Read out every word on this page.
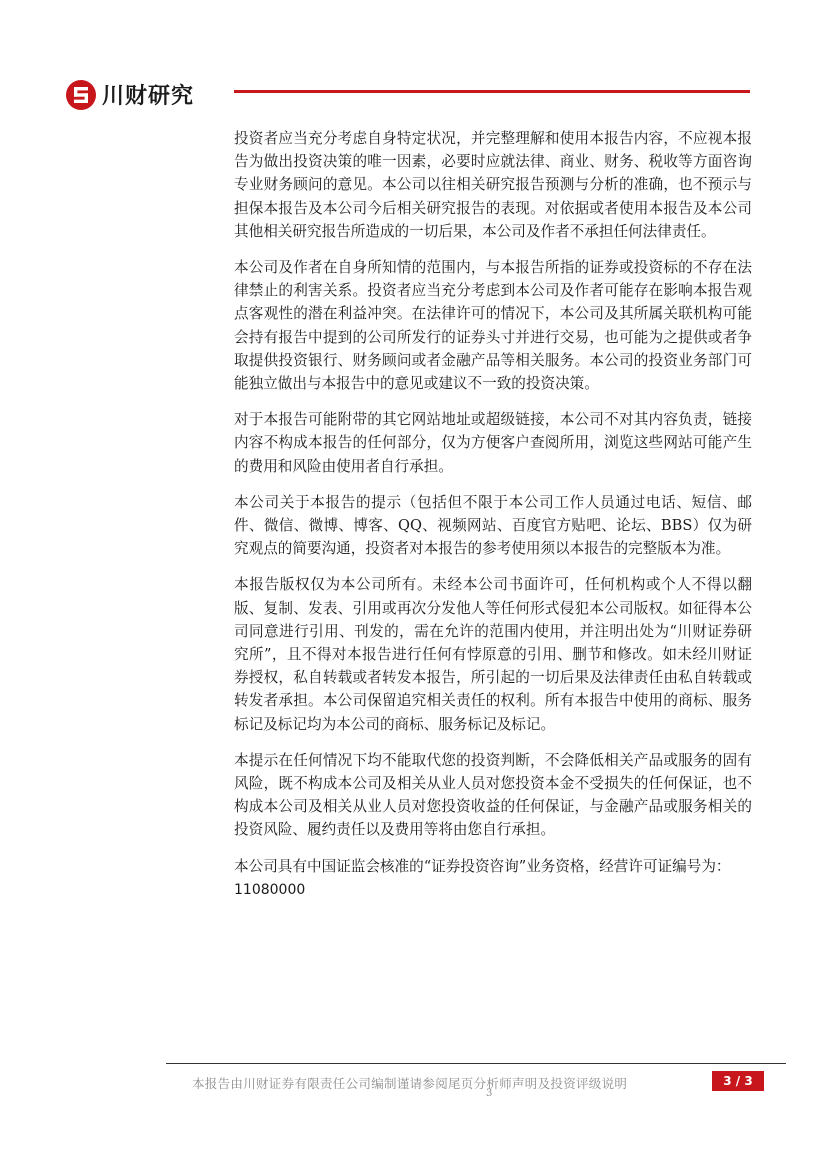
川财研究

投资者应当充分考虑自身特定状况，并完整理解和使用本报告内容，不应视本报告为做出投资决策的唯一因素，必要时应就法律、商业、财务、税收等方面咨询专业财务顾问的意见。本公司以往相关研究报告预测与分析的准确，也不预示与担保本报告及本公司今后相关研究报告的表现。对依据或者使用本报告及本公司其他相关研究报告所造成的一切后果，本公司及作者不承担任何法律责任。

本公司及作者在自身所知情的范围内，与本报告所指的证券或投资标的不存在法律禁止的利害关系。投资者应当充分考虑到本公司及作者可能存在影响本报告观点客观性的潜在利益冲突。在法律许可的情况下，本公司及其所属关联机构可能会持有报告中提到的公司所发行的证券头寸并进行交易，也可能为之提供或者争取提供投资银行、财务顾问或者金融产品等相关服务。本公司的投资业务部门可能独立做出与本报告中的意见或建议不一致的投资决策。

对于本报告可能附带的其它网站地址或超级链接，本公司不对其内容负责，链接内容不构成本报告的任何部分，仅为方便客户查阅所用，浏览这些网站可能产生的费用和风险由使用者自行承担。

本公司关于本报告的提示（包括但不限于本公司工作人员通过电话、短信、邮件、微信、微博、博客、QQ、视频网站、百度官方贴吧、论坛、BBS）仅为研究观点的简要沟通，投资者对本报告的参考使用须以本报告的完整版本为准。

本报告版权仅为本公司所有。未经本公司书面许可，任何机构或个人不得以翻版、复制、发表、引用或再次分发他人等任何形式侵犯本公司版权。如征得本公司同意进行引用、刊发的，需在允许的范围内使用，并注明出处为“川财证券研究所”，且不得对本报告进行任何有悖原意的引用、删节和修改。如未经川财证券授权，私自转载或者转发本报告，所引起的一切后果及法律责任由私自转载或转发者承担。本公司保留追究相关责任的权利。所有本报告中使用的商标、服务标记及标记均为本公司的商标、服务标记及标记。

本提示在任何情况下均不能取代您的投资判断，不会降低相关产品或服务的固有风险，既不构成本公司及相关从业人员对您投资本金不受损失的任何保证，也不构成本公司及相关从业人员对您投资收益的任何保证，与金融产品或服务相关的投资风险、履约责任以及费用等将由您自行承担。

本公司具有中国证监会核准的“证券投资咨询”业务资格，经营许可证编号为：
11080000

本报告由川财证券有限责任公司编制谨请参阅尾页分析师声明及投资评级说明	3 / 3
3
